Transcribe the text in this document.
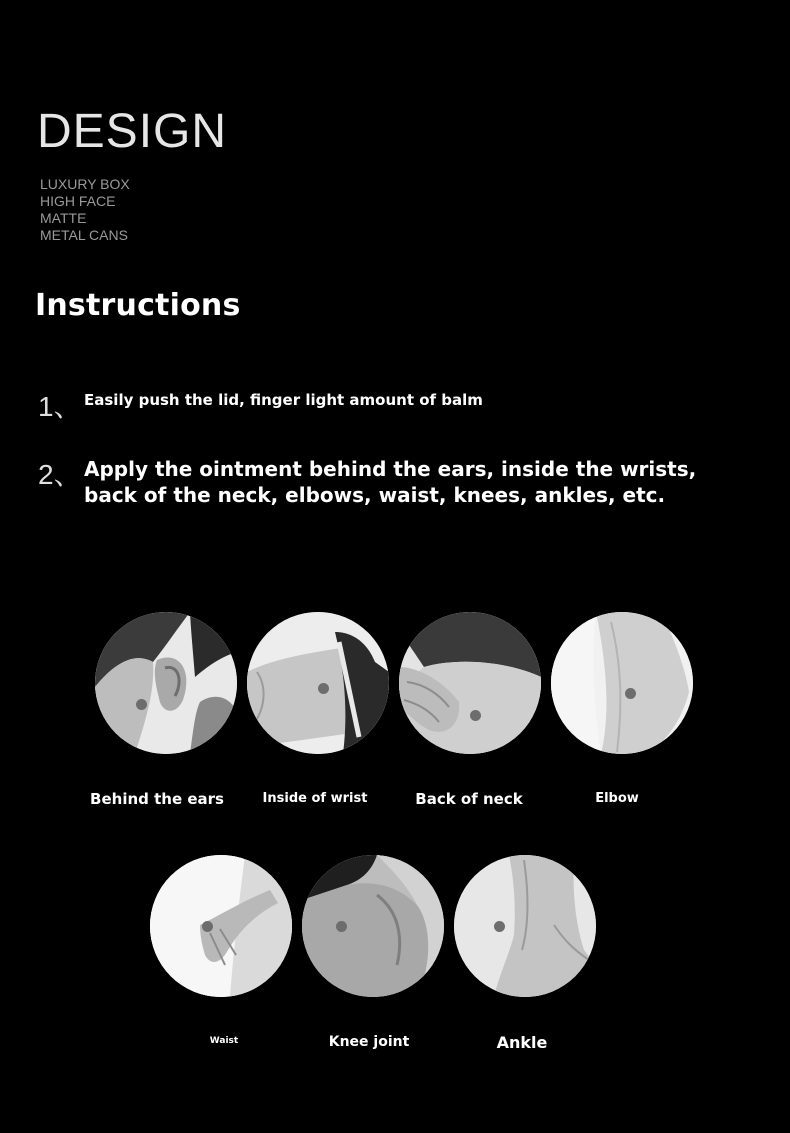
DESIGN
LUXURY BOX
HIGH FACE
MATTE
METAL CANS
Instructions
1、 Easily push the lid, finger light amount of balm

2、 Apply the ointment behind the ears, inside the wrists, back of the neck, elbows, waist, knees, ankles, etc.

Behind the ears	Inside of wrist	Back of neck	Elbow
Waist	Knee joint	Ankle
